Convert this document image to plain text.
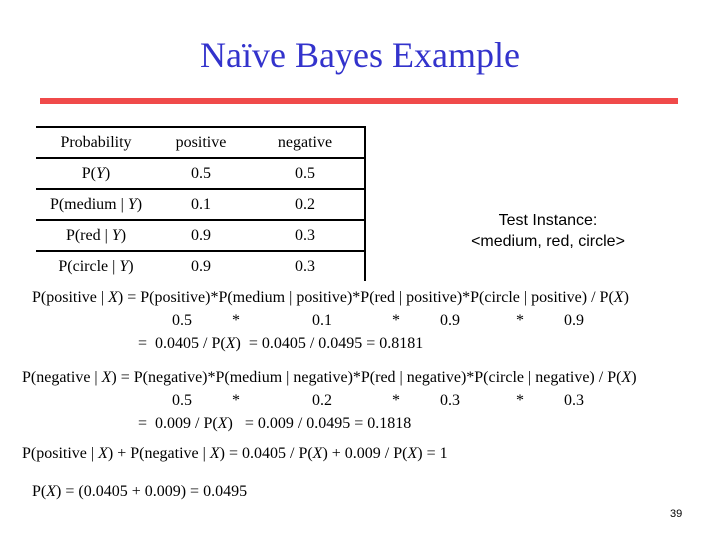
Naïve Bayes Example
Probability	positive	negative
P(Y)	0.5	0.5
P(medium | Y)	0.1	0.2
P(red | Y)	0.9	0.3
P(circle | Y)	0.9	0.3
Test Instance:
<medium, red, circle>
P(positive | X) = P(positive)*P(medium | positive)*P(red | positive)*P(circle | positive) / P(X)
0.5          *                  0.1               *          0.9              *          0.9
=  0.0405 / P(X)  = 0.0405 / 0.0495 = 0.8181
P(negative | X) = P(negative)*P(medium | negative)*P(red | negative)*P(circle | negative) / P(X)
0.5          *                  0.2               *          0.3              *          0.3
=  0.009 / P(X)   = 0.009 / 0.0495 = 0.1818
P(positive | X) + P(negative | X) = 0.0405 / P(X) + 0.009 / P(X) = 1
P(X) = (0.0405 + 0.009) = 0.0495
39
